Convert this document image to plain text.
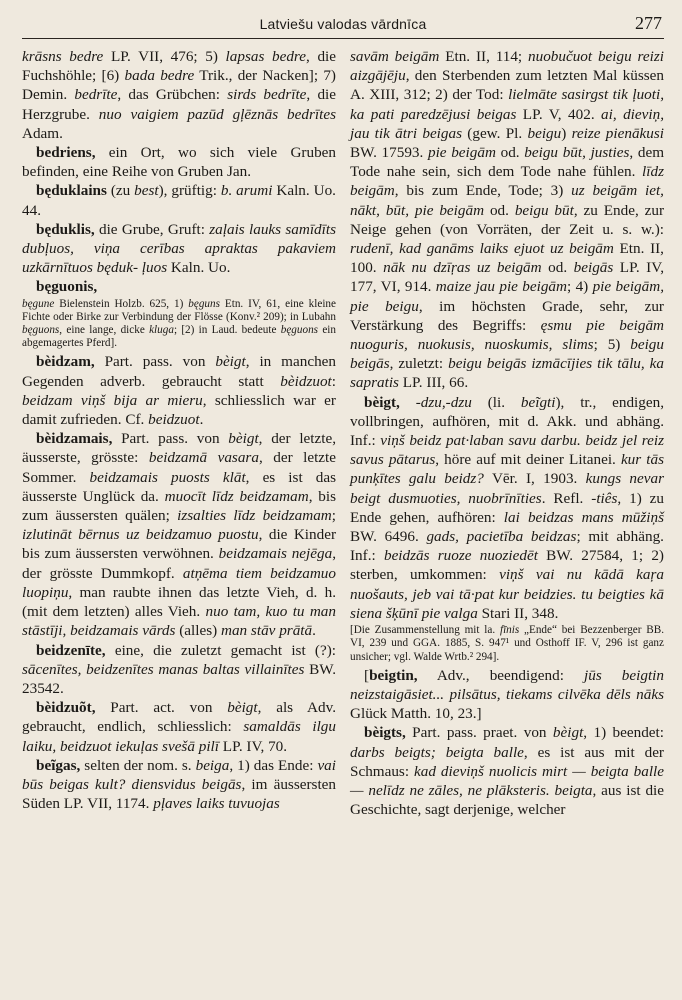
Latviešu valodas vārdnīca	277

krāsns bedre LP. VII, 476; 5) lapsas bedre, die Fuchshöhle; [6) bada bedre Trik., der Nacken]; 7) Demin. bedrīte, das Grübchen: sirds bedrīte, die Herzgrube. nuo vaigiem pazūd gļēznās bedrītes Adam.

bedriens, ein Ort, wo sich viele Gruben befinden, eine Reihe von Gruben Jan.

będuklains (zu best), grüftig: b. arumi Kaln. Uo. 44.

będuklis, die Grube, Gruft: zaļais lauks samīdīts dubļuos, viņa cerības apraktas pakaviem uzkārnītuos będuk- ļuos Kaln. Uo.

bęguonis,

bęgune Bielenstein Holzb. 625, 1) bęguns Etn. IV, 61, eine kleine Fichte oder Birke zur Verbindung der Flösse (Konv.² 209); in Lubahn bęguons, eine lange, dicke kluga; [2) in Laud. bedeute bęguons ein abgemagertes Pferd].

bèidzam, Part. pass. von bèigt, in manchen Gegenden adverb. gebraucht statt bèidzuot: beidzam viņš bija ar mieru, schliesslich war er damit zufrieden. Cf. beidzuot.

bèidzamais, Part. pass. von bèigt, der letzte, äusserste, grösste: beidzamā vasara, der letzte Sommer. beidzamais puosts klāt, es ist das äusserste Unglück da. muocīt līdz beidzamam, bis zum äussersten quälen; izsalties līdz beidzamam; izlutināt bērnus uz beidzamuo puostu, die Kinder bis zum äussersten verwöhnen. beidzamais nejēga, der grösste Dummkopf. atņēma tiem beidzamuo luopiņu, man raubte ihnen das letzte Vieh, d. h. (mit dem letzten) alles Vieh. nuo tam, kuo tu man stāstīji, beidzamais vārds (alles) man stāv prātā.

beidzenīte, eine, die zuletzt gemacht ist (?): sācenītes, beidzenītes manas baltas villainītes BW. 23542.

bèidzuõt, Part. act. von bèigt, als Adv. gebraucht, endlich, schliesslich: samaldās ilgu laiku, beidzuot iekuļas svešā pilī LP. IV, 70.

beĩgas, selten der nom. s. beiga, 1) das Ende: vai būs beigas kult? diensvidus beigās, im äussersten Süden LP. VII, 1174. pļaves laiks tuvuojas

savām beigām Etn. II, 114; nuobučuot beigu reizi aizgājēju, den Sterbenden zum letzten Mal küssen A. XIII, 312; 2) der Tod: lielmāte sasirgst tik ļuoti, ka pati paredzējusi beigas LP. V, 402. ai, dieviņ, jau tik ātri beigas (gew. Pl. beigu) reize pienākusi BW. 17593. pie beigām od. beigu būt, justies, dem Tode nahe sein, sich dem Tode nahe fühlen. līdz beigām, bis zum Ende, Tode; 3) uz beigām iet, nākt, būt, pie beigām od. beigu būt, zu Ende, zur Neige gehen (von Vorräten, der Zeit u. s. w.): rudenī, kad ganāms laiks ejuot uz beigām Etn. II, 100. nāk nu dzīŗas uz beigām od. beigās LP. IV, 177, VI, 914. maize jau pie beigām; 4) pie beigām, pie beigu, im höchsten Grade, sehr, zur Verstärkung des Begriffs: ęsmu pie beigām nuoguris, nuokusis, nuoskumis, slims; 5) beigu beigās, zuletzt: beigu beigās izmācījies tik tālu, ka sapratis LP. III, 66.

bèigt, -dzu,-dzu (li. beĩgti), tr., endigen, vollbringen, aufhören, mit d. Akk. und abhäng. Inf.: viņš beidz pat·laban savu darbu. beidz jel reiz savus pātarus, höre auf mit deiner Litanei. kur tās punķītes galu beidz? Vēr. I, 1903. kungs nevar beigt dusmuoties, nuobrīnīties. Refl. -tiês, 1) zu Ende gehen, aufhören: lai beidzas mans mūžiņš BW. 6496. gads, pacietība beidzas; mit abhäng. Inf.: beidzās ruoze nuoziedēt BW. 27584, 1; 2) sterben, umkommen: viņš vai nu kādā kaŗa nuošauts, jeb vai tā·pat kur beidzies. tu beigties kā siena šķūnī pie valga Stari II, 348.

[Die Zusammenstellung mit la. fīnis „Ende“ bei Bezzenberger BB. VI, 239 und GGA. 1885, S. 947¹ und Osthoff IF. V, 296 ist ganz unsicher; vgl. Walde Wrtb.² 294].

[beigtin, Adv., beendigend: jūs beigtin neizstaigāsiet... pilsātus, tiekams cilvēka dēls nāks Glück Matth. 10, 23.]

bèigts, Part. pass. praet. von bèigt, 1) beendet: darbs beigts; beigta balle, es ist aus mit der Schmaus: kad dieviņš nuolicis mirt — beigta balle — nelīdz ne zāles, ne plāksteris. beigta, aus ist die Geschichte, sagt derjenige, welcher
